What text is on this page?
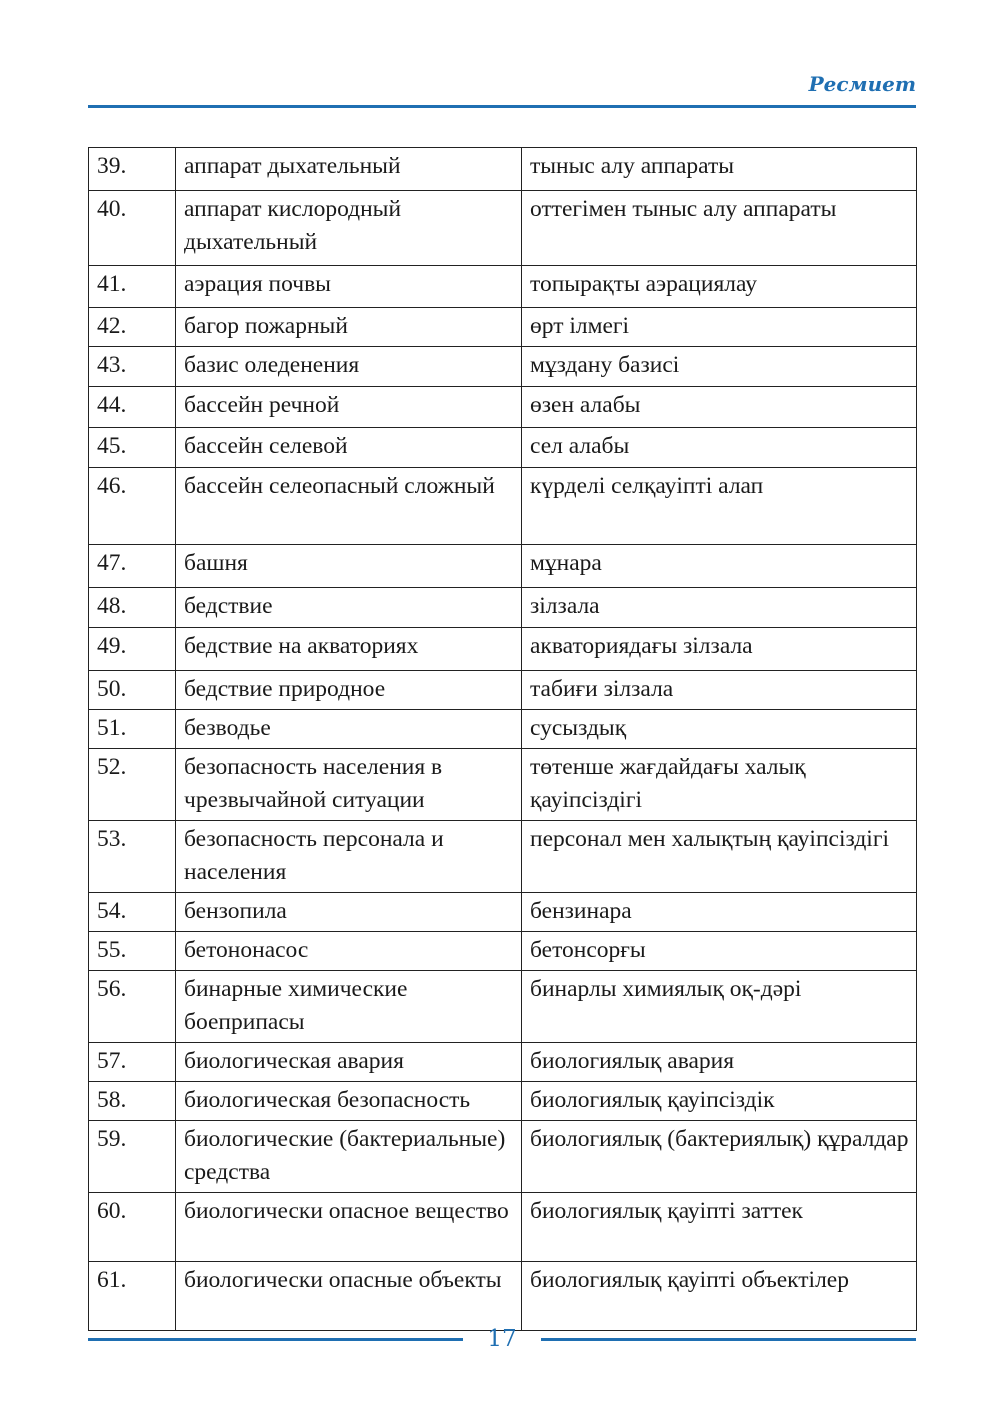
Ресмиет
39.	аппарат дыхательный	тыныс алу аппараты
40.	аппарат кислородный дыхательный	оттегімен тыныс алу аппараты
41.	аэрация почвы	топырақты аэрациялау
42.	багор пожарный	өрт ілмегі
43.	базис оледенения	мұздану базисі
44.	бассейн речной	өзен алабы
45.	бассейн селевой	сел алабы
46.	бассейн селеопасный сложный	күрделі селқауіпті алап
47.	башня	мұнара
48.	бедствие	зілзала
49.	бедствие на акваториях	акваториядағы зілзала
50.	бедствие природное	табиғи зілзала
51.	безводье	сусыздық
52.	безопасность населения в чрезвычайной ситуации	төтенше жағдайдағы халық қауіпсіздігі
53.	безопасность персонала и населения	персонал мен халықтың қауіпсіздігі
54.	бензопила	бензинара
55.	бетононасос	бетонсорғы
56.	бинарные химические боеприпасы	бинарлы химиялық оқ-дәрі
57.	биологическая авария	биологиялық авария
58.	биологическая безопасность	биологиялық қауіпсіздік
59.	биологические (бактериальные) средства	биологиялық (бактериялық) құралдар
60.	биологически опасное вещество	биологиялық қауіпті заттек
61.	биологически опасные объекты	биологиялық қауіпті объектілер
17
